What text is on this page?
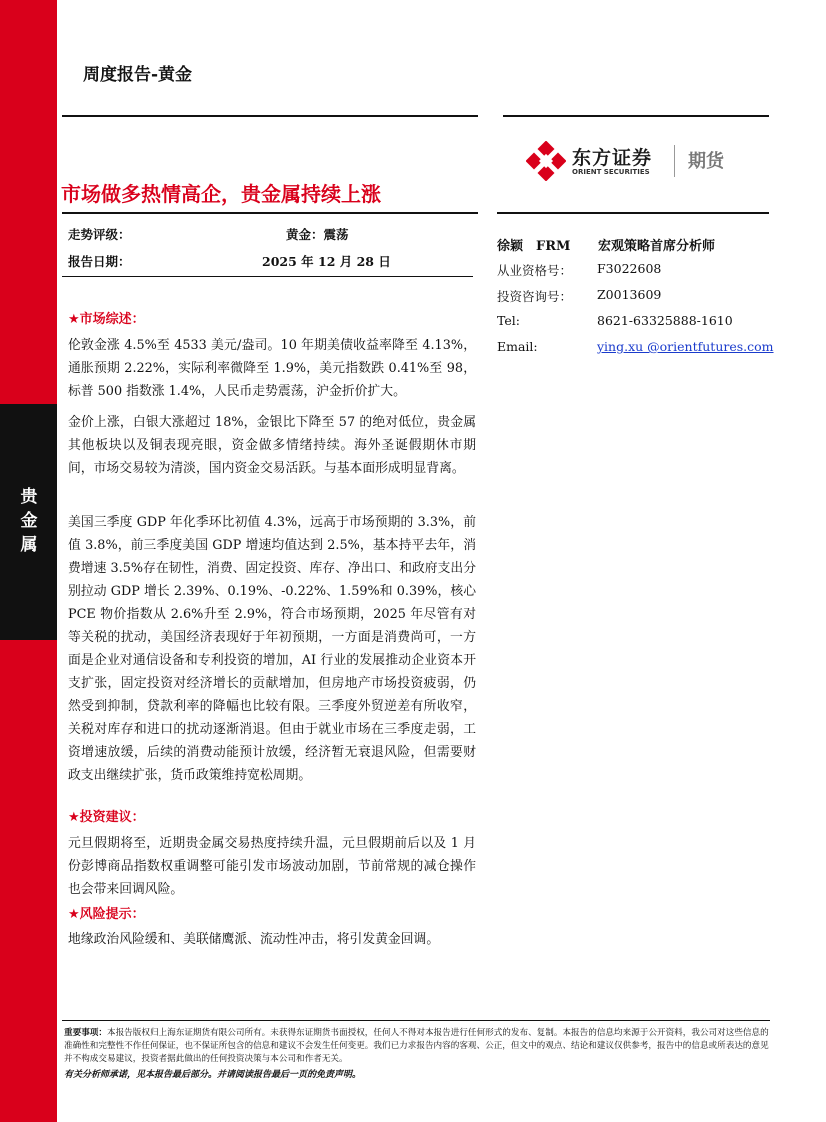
贵金属
周度报告-黄金
东方证券
ORIENT SECURITIES 期货
市场做多热情高企，贵金属持续上涨
走势评级：	黄金：震荡
报告日期：	2025 年 12 月 28 日
徐颖　FRM 宏观策略首席分析师
从业资格号： F3022608
投资咨询号： Z0013609
Tel:	8621-63325888-1610
Email:	ying.xu @orientfutures.com
★市场综述：
伦敦金涨 4.5%至 4533 美元/盎司。10 年期美债收益率降至 4.13%，通胀预期 2.22%，实际利率微降至 1.9%，美元指数跌 0.41%至 98，标普 500 指数涨 1.4%，人民币走势震荡，沪金折价扩大。
金价上涨，白银大涨超过 18%，金银比下降至 57 的绝对低位，贵金属其他板块以及铜表现亮眼，资金做多情绪持续。海外圣诞假期休市期间，市场交易较为清淡，国内资金交易活跃。与基本面形成明显背离。
美国三季度 GDP 年化季环比初值 4.3%，远高于市场预期的 3.3%，前值 3.8%，前三季度美国 GDP 增速均值达到 2.5%，基本持平去年，消费增速 3.5%存在韧性，消费、固定投资、库存、净出口、和政府支出分别拉动 GDP 增长 2.39%、0.19%、-0.22%、1.59%和 0.39%，核心 PCE 物价指数从 2.6%升至 2.9%，符合市场预期，2025 年尽管有对等关税的扰动，美国经济表现好于年初预期，一方面是消费尚可，一方面是企业对通信设备和专利投资的增加，AI 行业的发展推动企业资本开支扩张，固定投资对经济增长的贡献增加，但房地产市场投资疲弱，仍然受到抑制，贷款利率的降幅也比较有限。三季度外贸逆差有所收窄，关税对库存和进口的扰动逐渐消退。但由于就业市场在三季度走弱，工资增速放缓，后续的消费动能预计放缓，经济暂无衰退风险，但需要财政支出继续扩张，货币政策维持宽松周期。
★投资建议：
元旦假期将至，近期贵金属交易热度持续升温，元旦假期前后以及 1 月份彭博商品指数权重调整可能引发市场波动加剧，节前常规的减仓操作也会带来回调风险。
★风险提示：
地缘政治风险缓和、美联储鹰派、流动性冲击，将引发黄金回调。
重要事项：本报告版权归上海东证期货有限公司所有。未获得东证期货书面授权，任何人不得对本报告进行任何形式的发布、复制。本报告的信息均来源于公开资料，我公司对这些信息的准确性和完整性不作任何保证，也不保证所包含的信息和建议不会发生任何变更。我们已力求报告内容的客观、公正，但文中的观点、结论和建议仅供参考，报告中的信息或所表达的意见并不构成交易建议，投资者据此做出的任何投资决策与本公司和作者无关。
有关分析师承诺，见本报告最后部分。并请阅读报告最后一页的免责声明。
